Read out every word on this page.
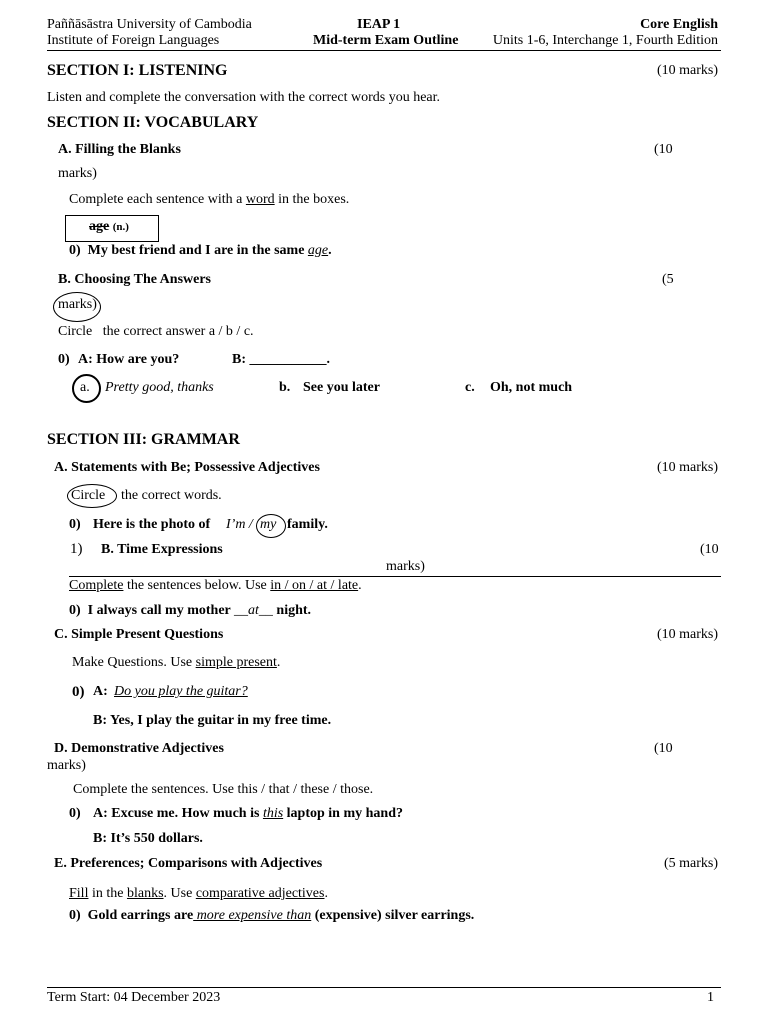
Paññāsāstra University of Cambodia
Institute of Foreign Languages
IEAP 1
Mid-term Exam Outline
Core English
Units 1-6, Interchange 1, Fourth Edition
SECTION I: LISTENING	(10 marks)
Listen and complete the conversation with the correct words you hear.
SECTION II: VOCABULARY
A. Filling the Blanks	(10
marks)
Complete each sentence with a word in the boxes.
age (n.)
0) My best friend and I are in the same age.
B. Choosing The Answers	(5
marks)
Circle the correct answer a / b / c.
0) A: How are you?	B: ___________.
a. Pretty good, thanks	b. See you later	c. Oh, not much
SECTION III: GRAMMAR
A. Statements with Be; Possessive Adjectives	(10 marks)
Circle the correct words.
0) Here is the photo of I’m / my family.
1) B. Time Expressions	(10
marks)
Complete the sentences below. Use in / on / at / late.
0) I always call my mother __at__ night.
C. Simple Present Questions	(10 marks)
Make Questions. Use simple present.
0) A: Do you play the guitar?
B: Yes, I play the guitar in my free time.
D. Demonstrative Adjectives	(10
marks)
Complete the sentences. Use this / that / these / those.
0) A: Excuse me. How much is this laptop in my hand?
B: It’s 550 dollars.
E. Preferences; Comparisons with Adjectives	(5 marks)
Fill in the blanks. Use comparative adjectives.
0) Gold earrings are more expensive than (expensive) silver earrings.
Term Start: 04 December 2023	1
